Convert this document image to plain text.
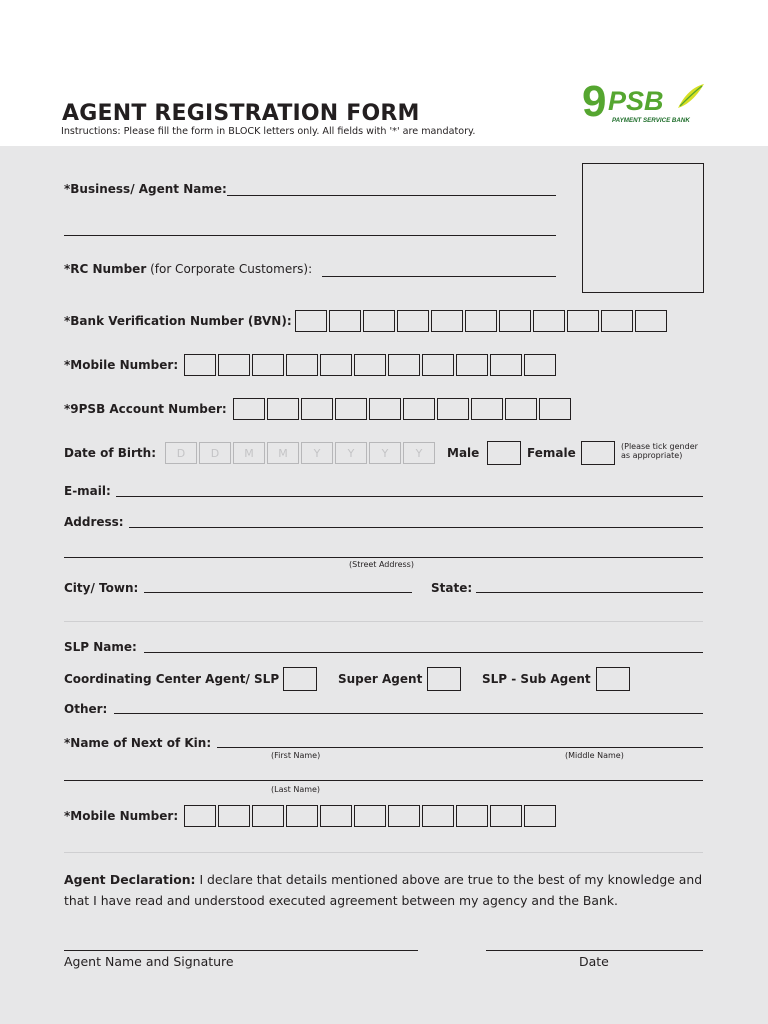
AGENT REGISTRATION FORM
Instructions: Please fill the form in BLOCK letters only. All fields with '*' are mandatory.
9 PSB
PAYMENT SERVICE BANK
*Business/ Agent Name:
*RC Number (for Corporate Customers):
*Bank Verification Number (BVN):
*Mobile Number:
*9PSB Account Number:
Date of Birth:	D	D	M	M	Y	Y	Y	Y	Male	Female	(Please tick gender
as appropriate)
E-mail:
Address:
(Street Address)
City/ Town:	State:
SLP Name:
Coordinating Center Agent/ SLP	Super Agent	SLP - Sub Agent
Other:
*Name of Next of Kin:
(First Name)	(Middle Name)
(Last Name)
*Mobile Number:
Agent Declaration: I declare that details mentioned above are true to the best of my knowledge and that I have read and understood executed agreement between my agency and the Bank.
Agent Name and Signature	Date
